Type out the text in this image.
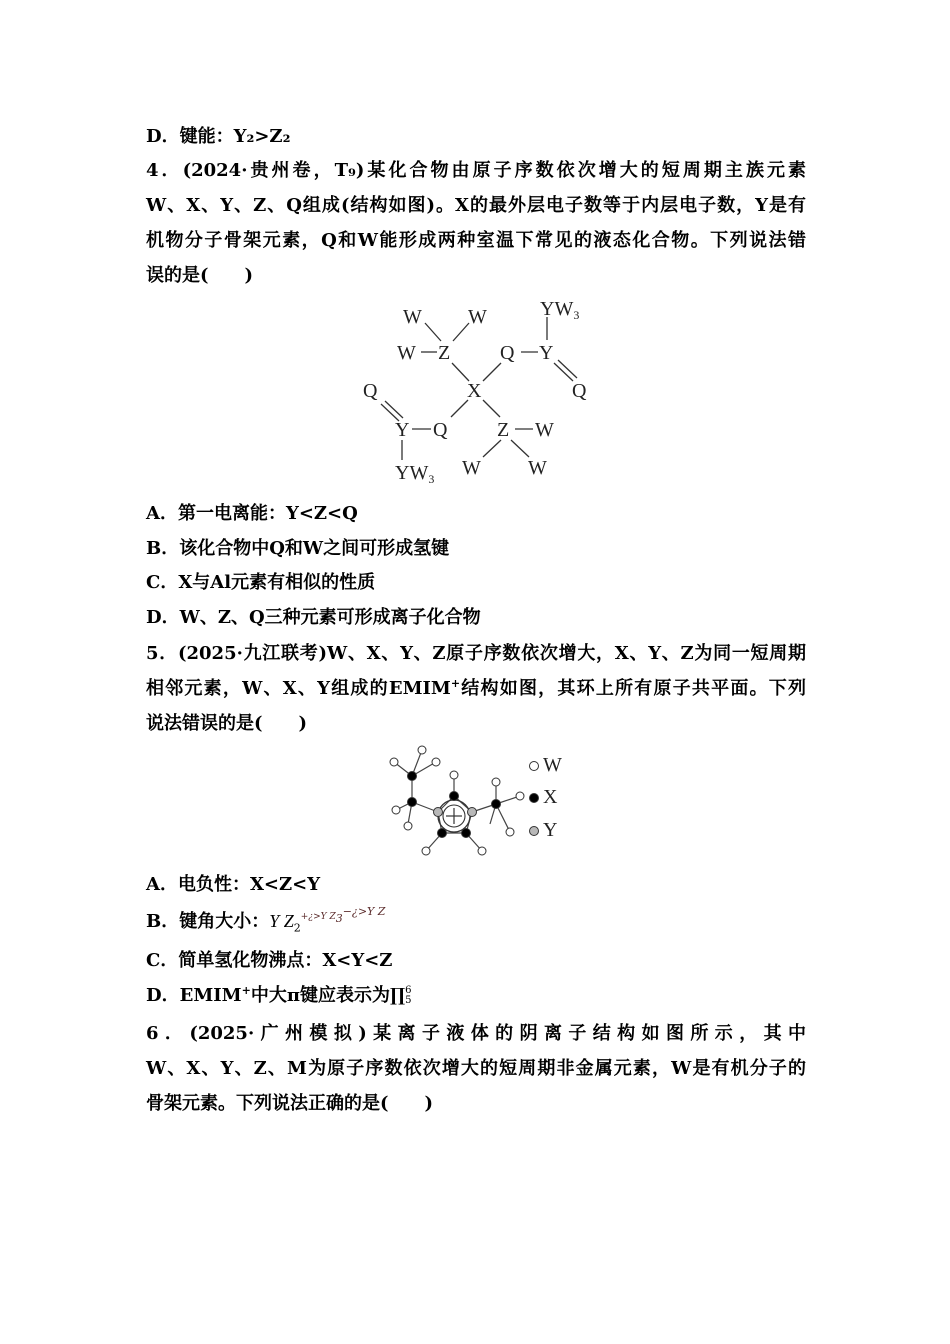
D．键能：Y₂>Z₂
4．(2024·贵州卷，T₉)某化合物由原子序数依次增大的短周期主族元素
W、X、Y、Z、Q组成(结构如图)。X的最外层电子数等于内层电子数，Y是有
机物分子骨架元素，Q和W能形成两种室温下常见的液态化合物。下列说法错
误的是(　　)
W W
W Z Q Y
$YW_3$
Q
X
Q
Y Q Z W
W W
$YW_3$
A．第一电离能：Y<Z<Q
B．该化合物中Q和W之间可形成氢键
C．X与Al元素有相似的性质
D．W、Z、Q三种元素可形成离子化合物
5．(2025·九江联考)W、X、Y、Z原子序数依次增大，X、Y、Z为同一短周期
相邻元素，W、X、Y组成的EMIM+结构如图，其环上所有原子共平面。下列
说法错误的是(　　)
W
X
Y
A．电负性：X<Z<Y
B．键角大小：Y $Z_2^{+¿>Y Z_3^{-¿>Y Z}}$
C．简单氢化物沸点：X<Y<Z
D．EMIM+中大π键应表示为∏ 6
5
6．(2025·广州模拟)某离子液体的阴离子结构如图所示，其中
W、X、Y、Z、M为原子序数依次增大的短周期非金属元素，W是有机分子的
骨架元素。下列说法正确的是(　　)
